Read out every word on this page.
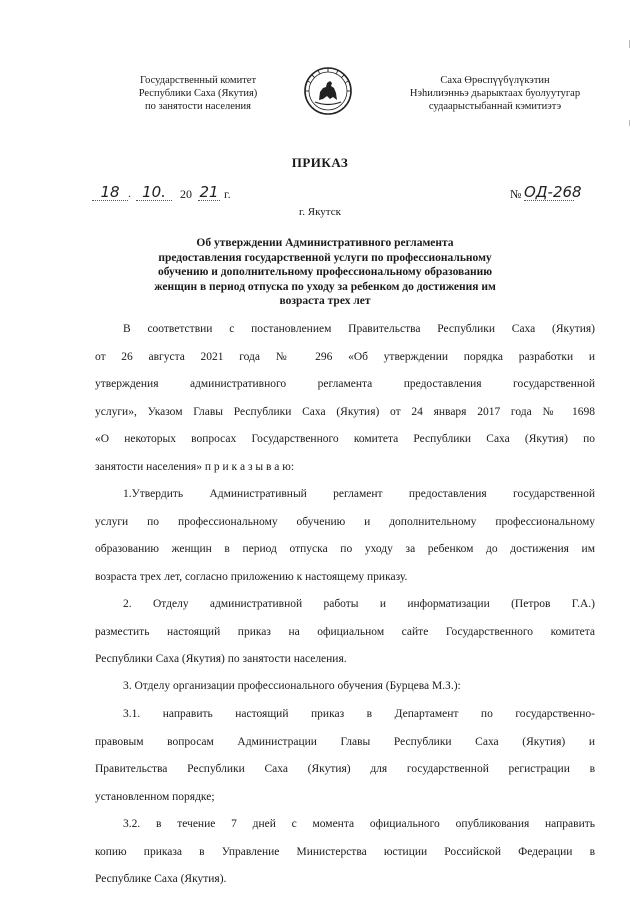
Государственный комитет
Республики Саха (Якутия)
по занятости населения
Саха Өрөспүүбүлүкэтин
Нэһилиэнньэ дьарыктаах буолуутугар
судаарыстыбаннай кэмитиэтэ
ПРИКАЗ
18 . 10.	20 21 г.	№ ОД-268
г. Якутск
Об утверждении Административного регламента
предоставления государственной услуги по профессиональному
обучению и дополнительному профессиональному образованию
женщин в период отпуска по уходу за ребенком до достижения им
возраста трех лет
В соответствии с постановлением Правительства Республики Саха (Якутия)
от 26 августа 2021 года № 296 «Об утверждении порядка разработки и
утверждения административного регламента предоставления государственной
услуги», Указом Главы Республики Саха (Якутия) от 24 января 2017 года № 1698
«О некоторых вопросах Государственного комитета Республики Саха (Якутия) по
занятости населения» п р и к а з ы в а ю:
1.Утвердить Административный регламент предоставления государственной
услуги по профессиональному обучению и дополнительному профессиональному
образованию женщин в период отпуска по уходу за ребенком до достижения им
возраста трех лет, согласно приложению к настоящему приказу.
2. Отделу административной работы и информатизации (Петров Г.А.)
разместить настоящий приказ на официальном сайте Государственного комитета
Республики Саха (Якутия) по занятости населения.
3. Отделу организации профессионального обучения (Бурцева М.З.):
3.1. направить настоящий приказ в Департамент по государственно-
правовым вопросам Администрации Главы Республики Саха (Якутия) и
Правительства Республики Саха (Якутия) для государственной регистрации в
установленном порядке;
3.2. в течение 7 дней с момента официального опубликования направить
копию приказа в Управление Министерства юстиции Российской Федерации в
Республике Саха (Якутия).
